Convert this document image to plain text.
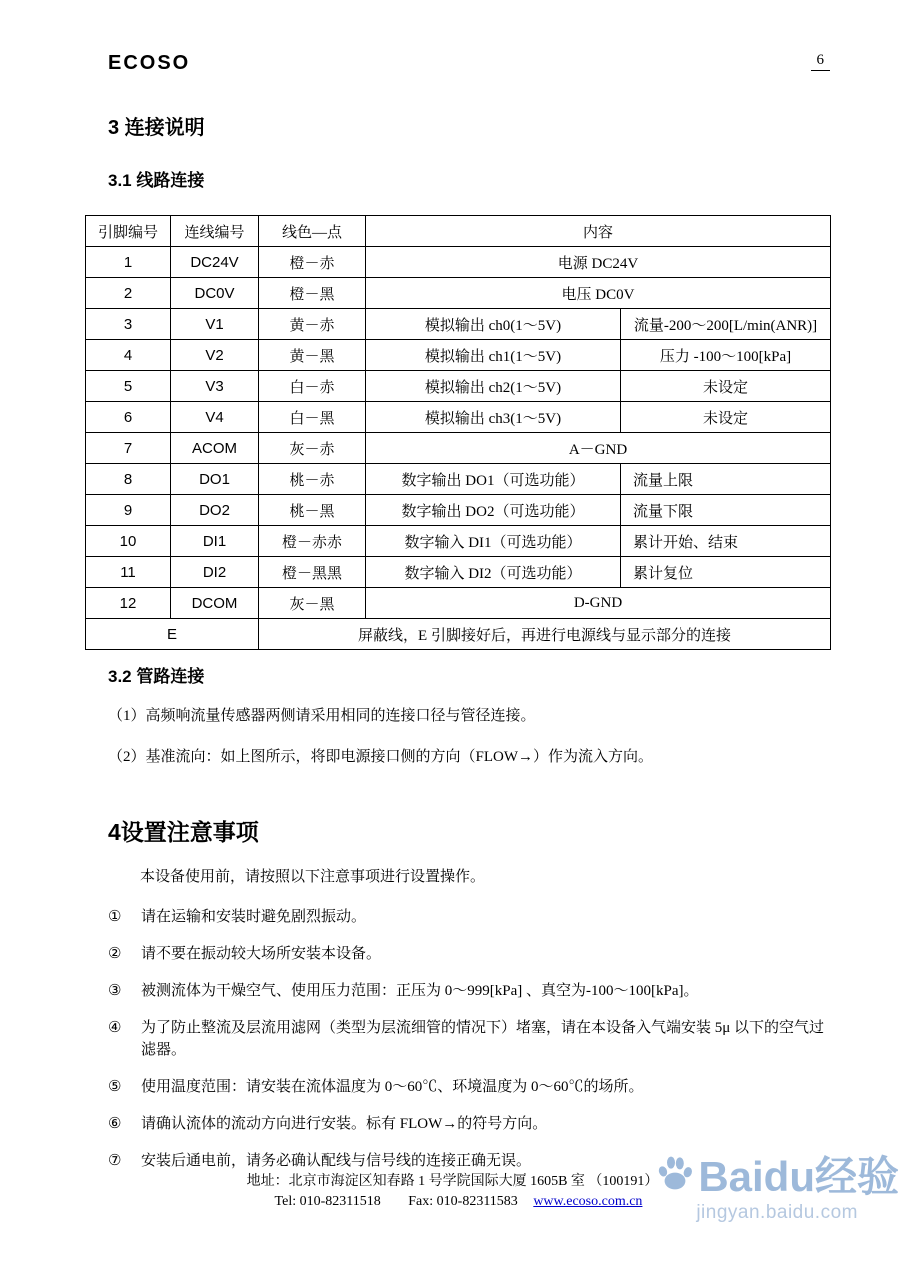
ECOSO	6
3 连接说明
3.1 线路连接
引脚编号	连线编号	线色—点	内容	
1	DC24V	橙－赤	电源 DC24V	
2	DC0V	橙－黑	电压 DC0V	
3	V1	黄－赤	模拟输出 ch0(1～5V)	流量-200～200[L/min(ANR)]
4	V2	黄－黑	模拟输出 ch1(1～5V)	压力 -100～100[kPa]
5	V3	白－赤	模拟输出 ch2(1～5V)	未设定
6	V4	白－黑	模拟输出 ch3(1～5V)	未设定
7	ACOM	灰－赤	A－GND	
8	DO1	桃－赤	数字输出 DO1（可选功能）	流量上限
9	DO2	桃－黑	数字输出 DO2（可选功能）	流量下限
10	DI1	橙－赤赤	数字输入 DI1（可选功能）	累计开始、结束
11	DI2	橙－黑黑	数字输入 DI2（可选功能）	累计复位
12	DCOM	灰－黑	D-GND	
E		屏蔽线，E 引脚接好后，再进行电源线与显示部分的连接		
3.2 管路连接

（1）高频响流量传感器两侧请采用相同的连接口径与管径连接。

（2）基准流向：如上图所示，将即电源接口侧的方向（FLOW→）作为流入方向。

4设置注意事项

本设备使用前，请按照以下注意事项进行设置操作。

①	请在运输和安装时避免剧烈振动。
②	请不要在振动较大场所安装本设备。
③	被测流体为干燥空气、使用压力范围：正压为 0～999[kPa] 、真空为-100～100[kPa]。
④	为了防止整流及层流用滤网（类型为层流细管的情况下）堵塞，请在本设备入气端安装 5μ 以下的空气过滤器。
⑤	使用温度范围：请安装在流体温度为 0～60℃、环境温度为 0～60℃的场所。
⑥	请确认流体的流动方向进行安装。标有 FLOW→的符号方向。
⑦	安装后通电前，请务必确认配线与信号线的连接正确无误。
地址：北京市海淀区知春路 1 号学院国际大厦 1605B 室 （100191）
Tel: 010-82311518 Fax: 010-82311583 www.ecoso.com.cn
Baidu 经验
jingyan.baidu.com
